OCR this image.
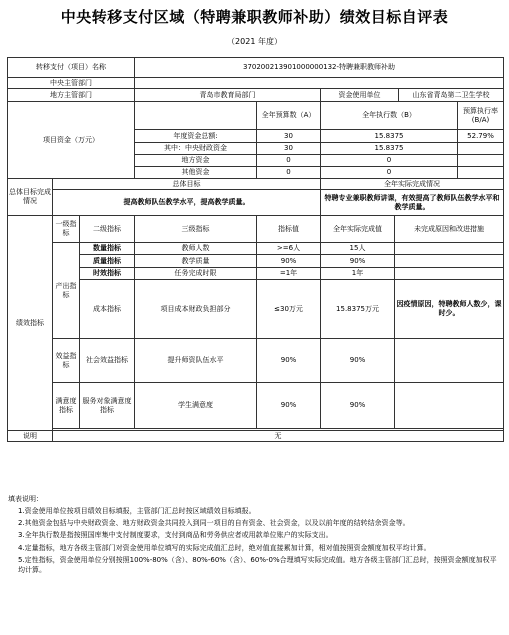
中央转移支付区域（特聘兼职教师补助）绩效目标自评表
（2021 年度）
转移支付（项目）名称			370200213901000000132-特聘兼职教师补助					
中央主管部门								
地方主管部门			青岛市教育局部门		资金使用单位		山东省青岛第二卫生学校	
项目资金（万元）				全年预算数（A）	全年执行数（B）			预算执行率(B/A)
			年度资金总额:	30	15.8375			52.79%
			其中：中央财政资金	30	15.8375			
			地方资金	0	0			
			其他资金	0	0			
总体目标完成情况	总体目标				全年实际完成情况			
	提高教师队伍教学水平，提高教学质量。				特聘专业兼职教师讲课，有效提高了教师队伍教学水平和教学质量。			
绩效指标	一级指标	二级指标	三级指标	指标值	全年实际完成值	未完成原因和改进措施		
	产出指标	数量指标	教师人数	>=6人	15人			
		质量指标	教学质量	90%	90%			
		时效指标	任务完成时限	=1年	1年			
		成本指标	项目成本财政负担部分	≤30万元	15.8375万元	因疫情原因，特聘教师人数少，课时少。		
	效益指标	社会效益指标	提升师资队伍水平	90%	90%			
	满意度指标	服务对象满意度指标	学生满意度	90%	90%			

说明	无							

填表说明：

1.资金使用单位按项目绩效目标填报，主管部门汇总时按区域绩效目标填报。

2.其他资金包括与中央财政资金、地方财政资金共同投入到同一项目的自有资金、社会资金，以及以前年度的结转结余资金等。

3.全年执行数是指按照国库集中支付制度要求，支付到商品和劳务供应者或用款单位账户的实际支出。

4.定量指标，地方各级主管部门对资金使用单位填写的实际完成值汇总时，绝对值直接累加计算，相对值按照资金额度加权平均计算。

5.定性指标，资金使用单位分别按照100%-80%（含）、80%-60%（含）、60%-0%合理填写实际完成值。地方各级主管部门汇总时，按照资金额度加权平均计算。
